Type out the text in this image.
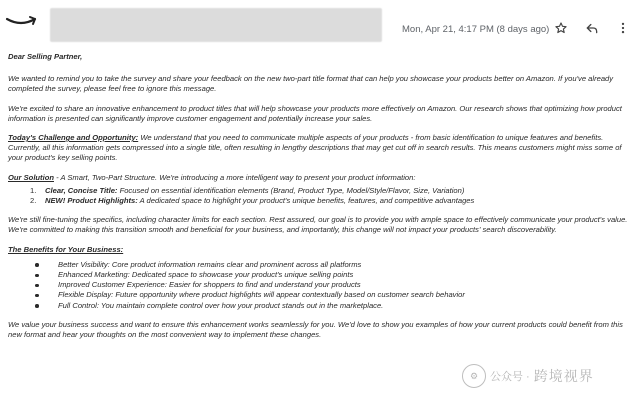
Mon, Apr 21, 4:17 PM (8 days ago)

Dear Selling Partner,

We wanted to remind you to take the survey and share your feedback on the new two-part title format that can help you showcase your products better on Amazon. If you've already completed the survey, please feel free to ignore this message.

We're excited to share an innovative enhancement to product titles that will help showcase your products more effectively on Amazon. Our research shows that optimizing how product information is presented can significantly improve customer engagement and potentially increase your sales.

Today's Challenge and Opportunity: We understand that you need to communicate multiple aspects of your products - from basic identification to unique features and benefits. Currently, all this information gets compressed into a single title, often resulting in lengthy descriptions that may get cut off in search results. This means customers might miss some of your product's key selling points.

Our Solution - A Smart, Two-Part Structure. We're introducing a more intelligent way to present your product information:

1. Clear, Concise Title: Focused on essential identification elements (Brand, Product Type, Model/Style/Flavor, Size, Variation)
2. NEW! Product Highlights: A dedicated space to highlight your product's unique benefits, features, and competitive advantages

We're still fine-tuning the specifics, including character limits for each section. Rest assured, our goal is to provide you with ample space to effectively communicate your product's value. We're committed to making this transition smooth and beneficial for your business, and importantly, this change will not impact your products' search discoverability.

The Benefits for Your Business:

Better Visibility: Core product information remains clear and prominent across all platforms
Enhanced Marketing: Dedicated space to showcase your product's unique selling points
Improved Customer Experience: Easier for shoppers to find and understand your products
Flexible Display: Future opportunity where product highlights will appear contextually based on customer search behavior
Full Control: You maintain complete control over how your product stands out in the marketplace.

We value your business success and want to ensure this enhancement works seamlessly for you. We'd love to show you examples of how your current products could benefit from this new format and hear your thoughts on the most convenient way to implement these changes.

⚙	公众号 · 跨境视界
